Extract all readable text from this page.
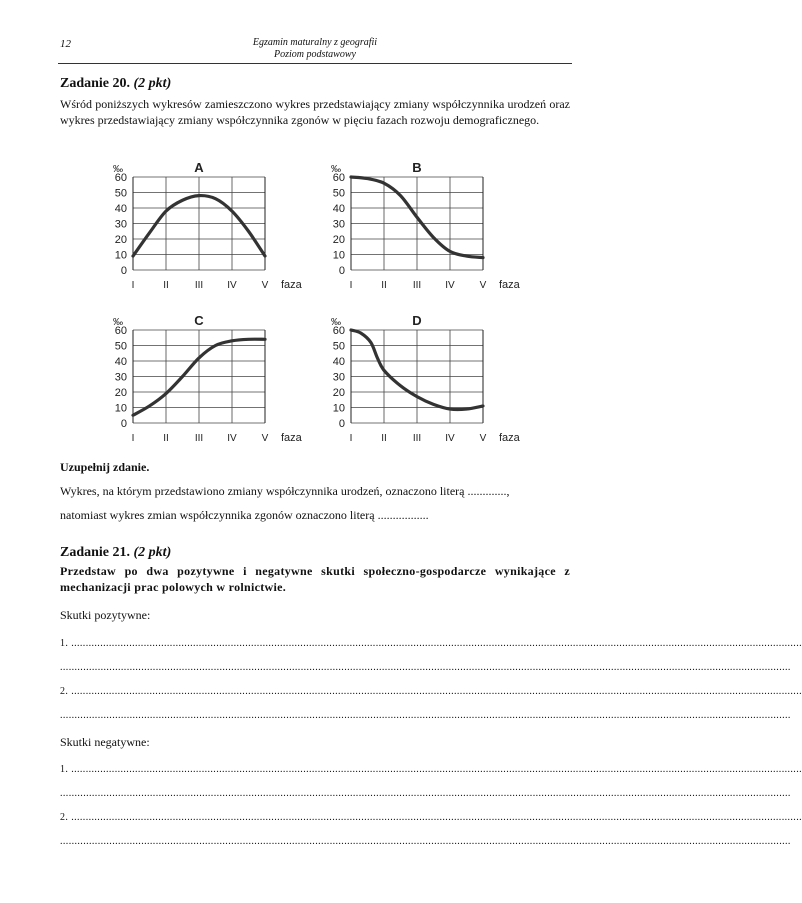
12	Egzamin maturalny z geografii
Poziom podstawowy
Zadanie 20. (2 pkt)
Wśród poniższych wykresów zamieszczono wykres przedstawiający zmiany współczynnika urodzeń oraz wykres przedstawiający zmiany współczynnika zgonów w pięciu fazach rozwoju demograficznego.
0
10
20
30
40
50
60
I	II	III IV V
‰
faza
A
0
10
20
30
40
50
60
I	II	III IV V
‰
faza
B
0
10
20
30
40
50
60
I	II	III IV V
‰
faza
C
0
10
20
30
40
50
60
I	II	III IV V
‰
faza
D
Uzupełnij zdanie.
Wykres, na którym przedstawiono zmiany współczynnika urodzeń, oznaczono literą .............,
natomiast wykres zmian współczynnika zgonów oznaczono literą .................
Zadanie 21. (2 pkt)
Przedstaw po dwa pozytywne i negatywne skutki społeczno-gospodarcze wynikające z mechanizacji prac polowych w rolnictwie.
Skutki pozytywne:
1. ............................................................................................................................................................................................................................................................
............................................................................................................................................................................................................................................................
2. ............................................................................................................................................................................................................................................................
............................................................................................................................................................................................................................................................
Skutki negatywne:
1. ............................................................................................................................................................................................................................................................
............................................................................................................................................................................................................................................................
2. ............................................................................................................................................................................................................................................................
............................................................................................................................................................................................................................................................
